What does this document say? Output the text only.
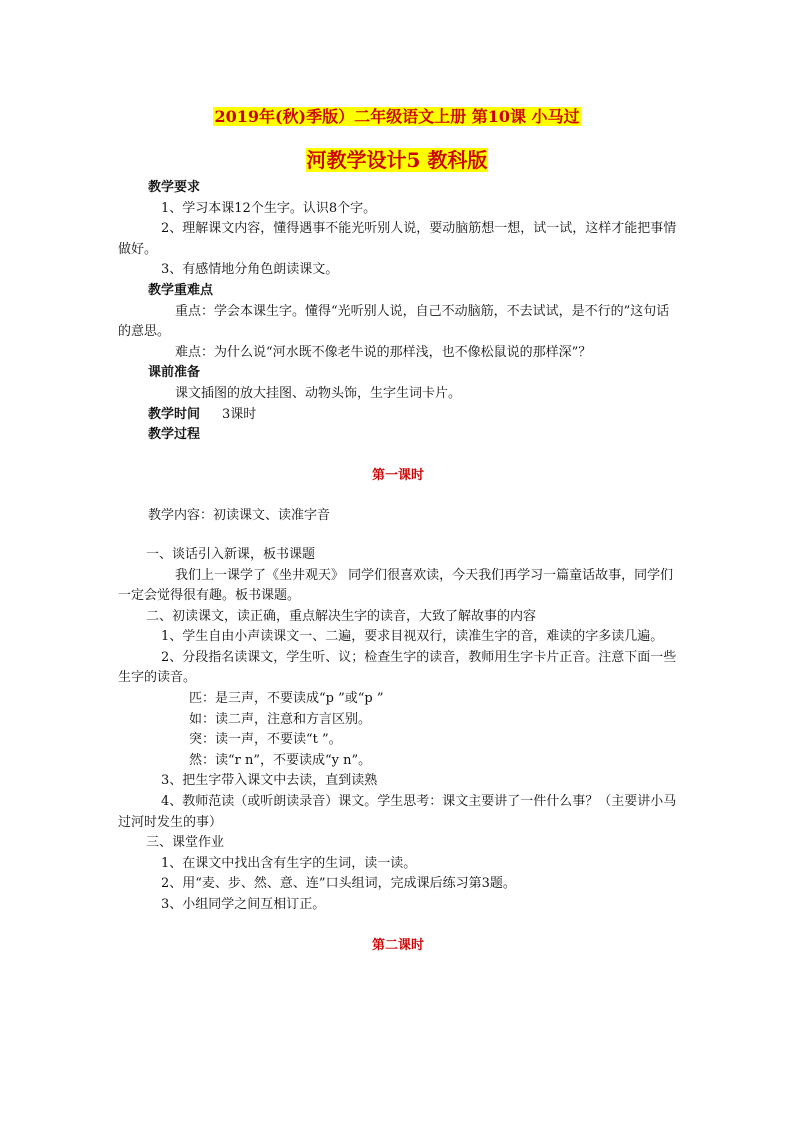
2019年(秋)季版）二年级语文上册 第10课 小马过
河教学设计5 教科版

教学要求

1、学习本课12个生字。认识8个字。

2、理解课文内容，懂得遇事不能光听别人说，要动脑筋想一想，试一试，这样才能把事情做好。

3、有感情地分角色朗读课文。

教学重难点

重点：学会本课生字。懂得“光听别人说，自己不动脑筋，不去试试，是不行的”这句话的意思。

难点：为什么说“河水既不像老牛说的那样浅，也不像松鼠说的那样深”？

课前准备

课文插图的放大挂图、动物头饰，生字生词卡片。

教学时间 3课时

教学过程

第一课时

教学内容：初读课文、读准字音

一、谈话引入新课，板书课题

我们上一课学了《坐井观天》 同学们很喜欢读，今天我们再学习一篇童话故事，同学们一定会觉得很有趣。板书课题。

二、初读课文，读正确，重点解决生字的读音，大致了解故事的内容

1、学生自由小声读课文一、二遍，要求目视双行，读准生字的音，难读的字多读几遍。

2、分段指名读课文，学生听、议；检查生字的读音，教师用生字卡片正音。注意下面一些生字的读音。

匹：是三声，不要读成“p ”或“p ”

如：读二声，注意和方言区别。

突：读一声，不要读“t ”。

然：读“r n”，不要读成“y n”。

3、把生字带入课文中去读，直到读熟

4、教师范读（或听朗读录音）课文。学生思考：课文主要讲了一件什么事？（主要讲小马过河时发生的事）

三、课堂作业

1、在课文中找出含有生字的生词，读一读。

2、用“麦、步、然、意、连”口头组词，完成课后练习第3题。

3、小组同学之间互相订正。

第二课时
